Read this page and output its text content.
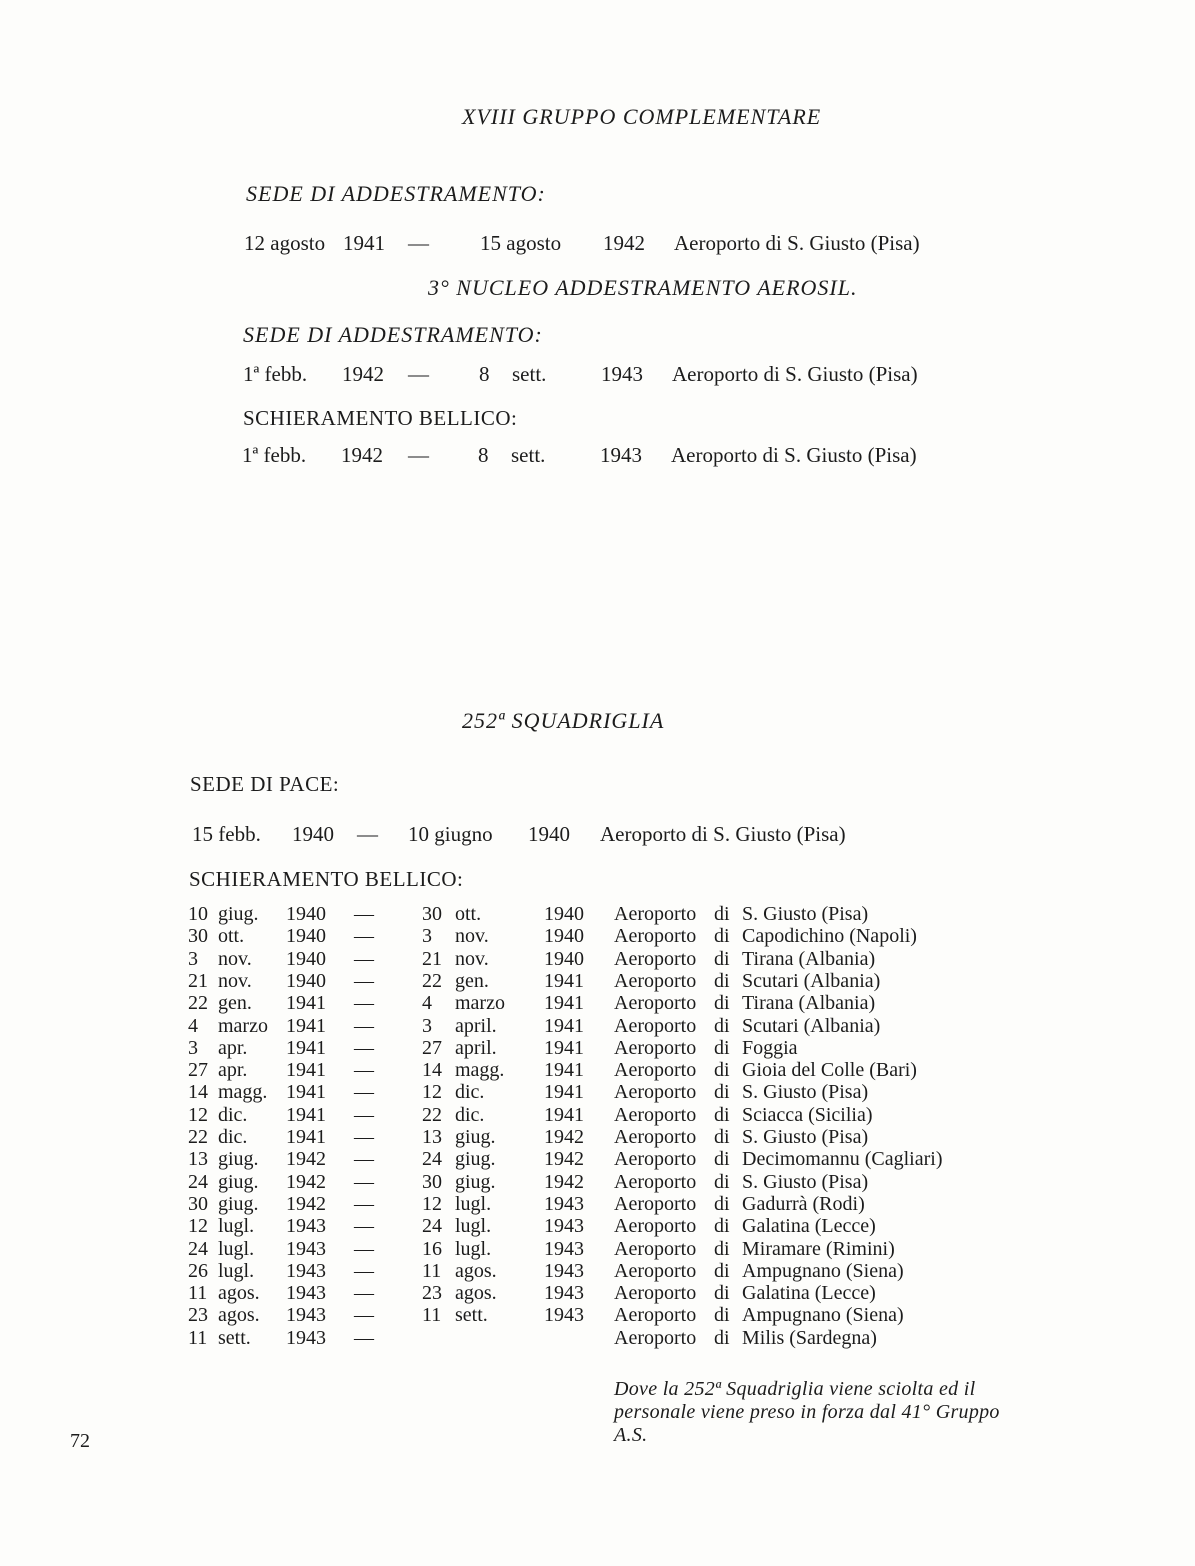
XVIII GRUPPO COMPLEMENTARE
SEDE DI ADDESTRAMENTO:
12 agosto 1941 — 15 agosto 1942 Aeroporto di S. Giusto (Pisa)
3° NUCLEO ADDESTRAMENTO AEROSIL.
SEDE DI ADDESTRAMENTO:
1ª febb. 1942 — 8 sett.	1943 Aeroporto di S. Giusto (Pisa)
SCHIERAMENTO BELLICO:
1ª febb. 1942 — 8 sett.	1943 Aeroporto di S. Giusto (Pisa)
252ª SQUADRIGLIA
SEDE DI PACE:
15 febb. 1940 — 10 giugno 1940 Aeroporto di S. Giusto (Pisa)
SCHIERAMENTO BELLICO:
10 giug. 1940 — 30 ott.	1940 Aeroporto di S. Giusto (Pisa)
30 ott. 1940 — 3 nov.	1940 Aeroporto di Capodichino (Napoli)
3 nov. 1940 — 21 nov.	1940 Aeroporto di Tirana (Albania)
21 nov. 1940 — 22 gen.	1941 Aeroporto di Scutari (Albania)
22 gen. 1941 — 4 marzo 1941 Aeroporto di Tirana (Albania)
4 marzo 1941 — 3 april. 1941 Aeroporto di Scutari (Albania)
3 apr. 1941 — 27 april. 1941 Aeroporto di Foggia
27 apr. 1941 — 14 magg. 1941 Aeroporto di Gioia del Colle (Bari)
14 magg. 1941 — 12 dic.	1941 Aeroporto di S. Giusto (Pisa)
12 dic. 1941 — 22 dic.	1941 Aeroporto di Sciacca (Sicilia)
22 dic. 1941 — 13 giug. 1942 Aeroporto di S. Giusto (Pisa)
13 giug. 1942 — 24 giug. 1942 Aeroporto di Decimomannu (Cagliari)
24 giug. 1942 — 30 giug. 1942 Aeroporto di S. Giusto (Pisa)
30 giug. 1942 — 12 lugl.	1943 Aeroporto di Gadurrà (Rodi)
12 lugl. 1943 — 24 lugl.	1943 Aeroporto di Galatina (Lecce)
24 lugl. 1943 — 16 lugl.	1943 Aeroporto di Miramare (Rimini)
26 lugl. 1943 — 11 agos. 1943 Aeroporto di Ampugnano (Siena)
11 agos. 1943 — 23 agos. 1943 Aeroporto di Galatina (Lecce)
23 agos. 1943 — 11 sett.	1943 Aeroporto di Ampugnano (Siena)
11 sett. 1943 —	Aeroporto di Milis (Sardegna)
Dove la 252ª Squadriglia viene sciolta ed il
personale viene preso in forza dal 41° Gruppo
A.S.
72
